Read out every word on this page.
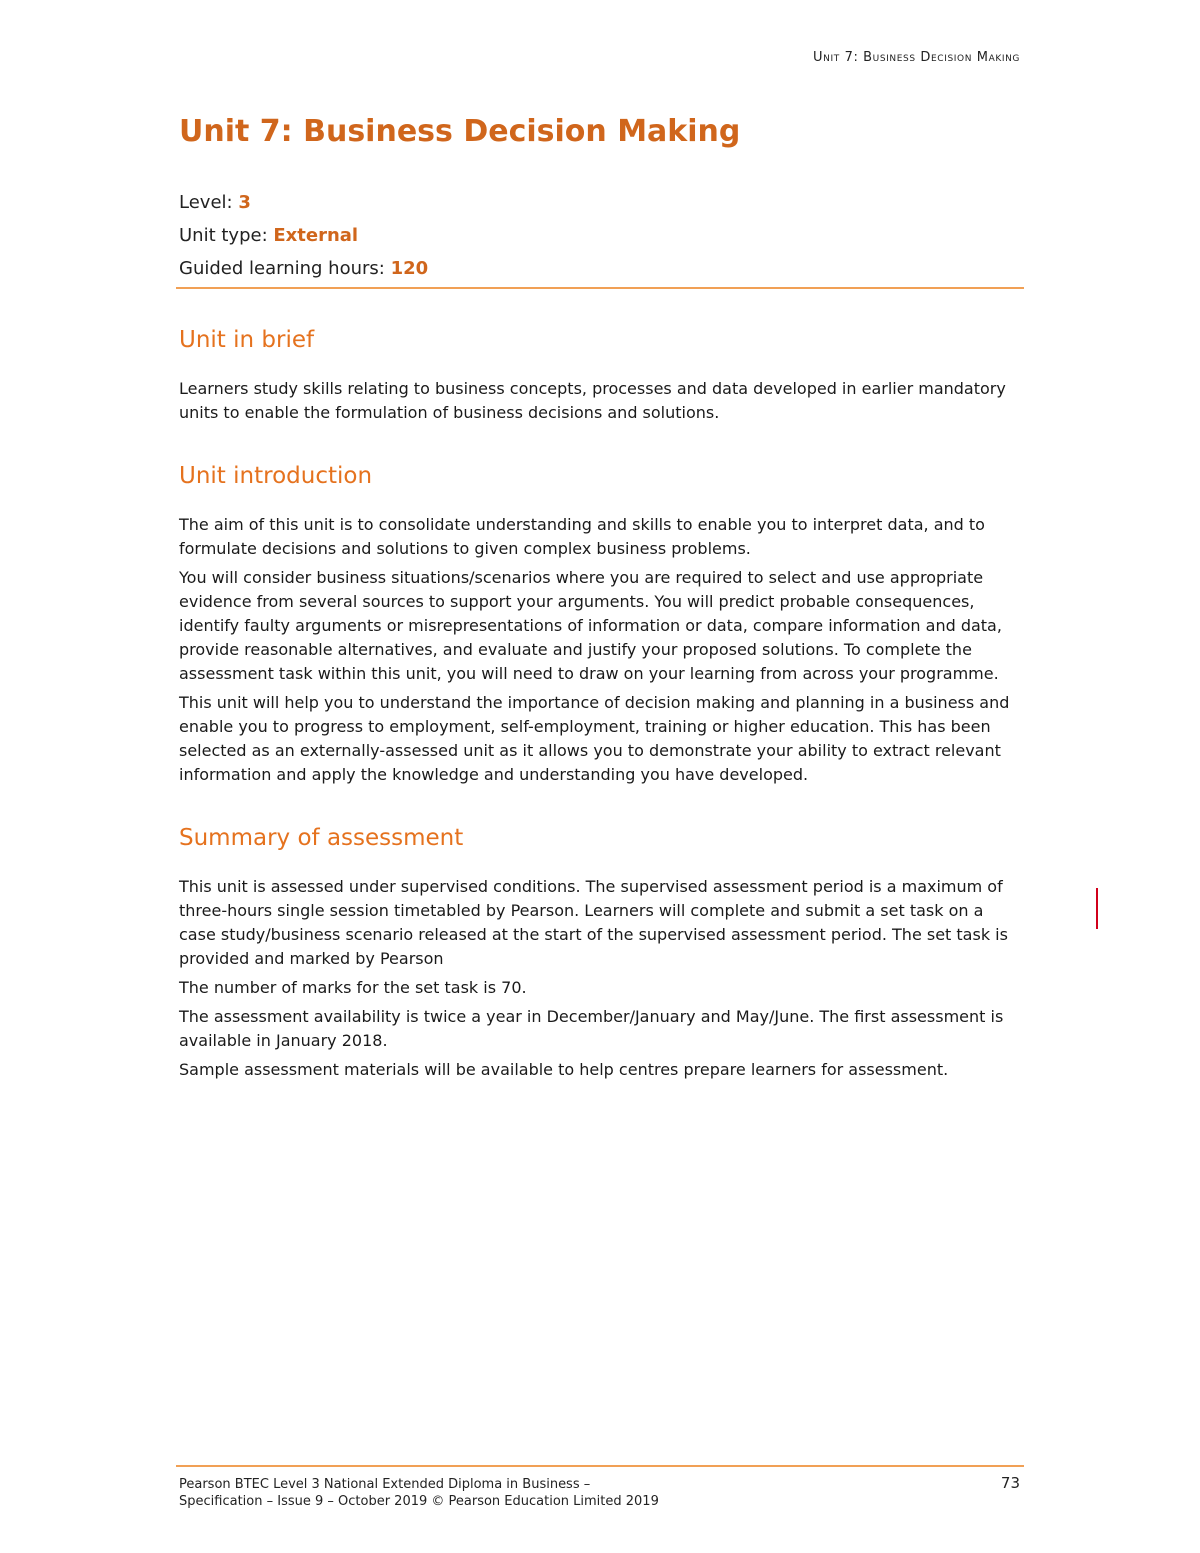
Unit 7: Business Decision Making
Unit 7: Business Decision Making
Level: 3
Unit type: External
Guided learning hours: 120
Unit in brief

Learners study skills relating to business concepts, processes and data developed in earlier mandatory units to enable the formulation of business decisions and solutions.

Unit introduction

The aim of this unit is to consolidate understanding and skills to enable you to interpret data, and to formulate decisions and solutions to given complex business problems.

You will consider business situations/scenarios where you are required to select and use appropriate evidence from several sources to support your arguments. You will predict probable consequences, identify faulty arguments or misrepresentations of information or data, compare information and data, provide reasonable alternatives, and evaluate and justify your proposed solutions. To complete the assessment task within this unit, you will need to draw on your learning from across your programme.

This unit will help you to understand the importance of decision making and planning in a business and enable you to progress to employment, self-employment, training or higher education. This has been selected as an externally-assessed unit as it allows you to demonstrate your ability to extract relevant information and apply the knowledge and understanding you have developed.

Summary of assessment

This unit is assessed under supervised conditions. The supervised assessment period is a maximum of three-hours single session timetabled by Pearson. Learners will complete and submit a set task on a case study/business scenario released at the start of the supervised assessment period. The set task is provided and marked by Pearson

The number of marks for the set task is 70.

The assessment availability is twice a year in December/January and May/June. The first assessment is available in January 2018.

Sample assessment materials will be available to help centres prepare learners for assessment.

Pearson BTEC Level 3 National Extended Diploma in Business –
Specification – Issue 9 – October 2019 © Pearson Education Limited 2019
73
